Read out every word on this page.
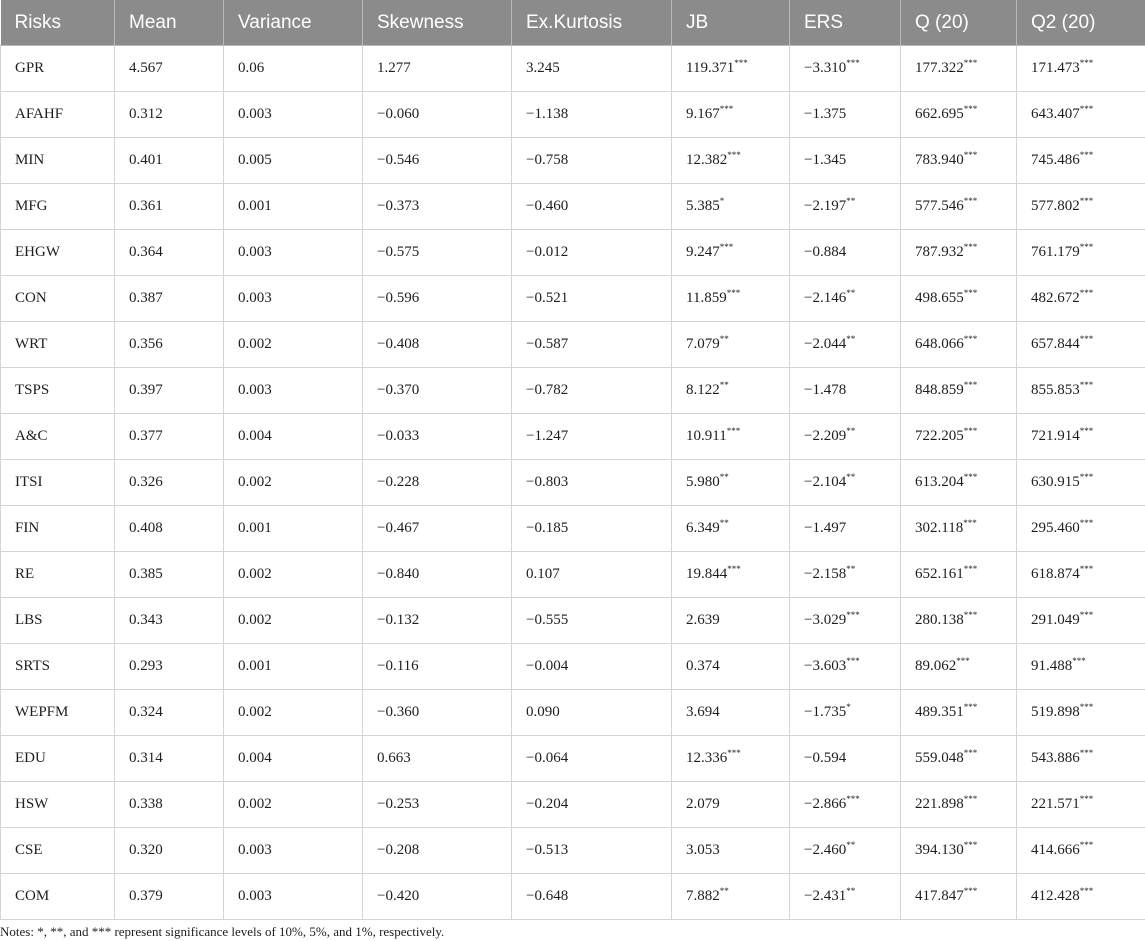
Risks	Mean	Variance	Skewness	Ex.Kurtosis	JB	ERS	Q (20)	Q2 (20)
GPR	4.567	0.06	1.277	3.245	119.371***	−3.310***	177.322***	171.473***
AFAHF	0.312	0.003	−0.060	−1.138	9.167***	−1.375	662.695***	643.407***
MIN	0.401	0.005	−0.546	−0.758	12.382***	−1.345	783.940***	745.486***
MFG	0.361	0.001	−0.373	−0.460	5.385*	−2.197**	577.546***	577.802***
EHGW	0.364	0.003	−0.575	−0.012	9.247***	−0.884	787.932***	761.179***
CON	0.387	0.003	−0.596	−0.521	11.859***	−2.146**	498.655***	482.672***
WRT	0.356	0.002	−0.408	−0.587	7.079**	−2.044**	648.066***	657.844***
TSPS	0.397	0.003	−0.370	−0.782	8.122**	−1.478	848.859***	855.853***
A&C	0.377	0.004	−0.033	−1.247	10.911***	−2.209**	722.205***	721.914***
ITSI	0.326	0.002	−0.228	−0.803	5.980**	−2.104**	613.204***	630.915***
FIN	0.408	0.001	−0.467	−0.185	6.349**	−1.497	302.118***	295.460***
RE	0.385	0.002	−0.840	0.107	19.844***	−2.158**	652.161***	618.874***
LBS	0.343	0.002	−0.132	−0.555	2.639	−3.029***	280.138***	291.049***
SRTS	0.293	0.001	−0.116	−0.004	0.374	−3.603***	89.062***	91.488***
WEPFM	0.324	0.002	−0.360	0.090	3.694	−1.735*	489.351***	519.898***
EDU	0.314	0.004	0.663	−0.064	12.336***	−0.594	559.048***	543.886***
HSW	0.338	0.002	−0.253	−0.204	2.079	−2.866***	221.898***	221.571***
CSE	0.320	0.003	−0.208	−0.513	3.053	−2.460**	394.130***	414.666***
COM	0.379	0.003	−0.420	−0.648	7.882**	−2.431**	417.847***	412.428***
Notes: *, **, and *** represent significance levels of 10%, 5%, and 1%, respectively.
